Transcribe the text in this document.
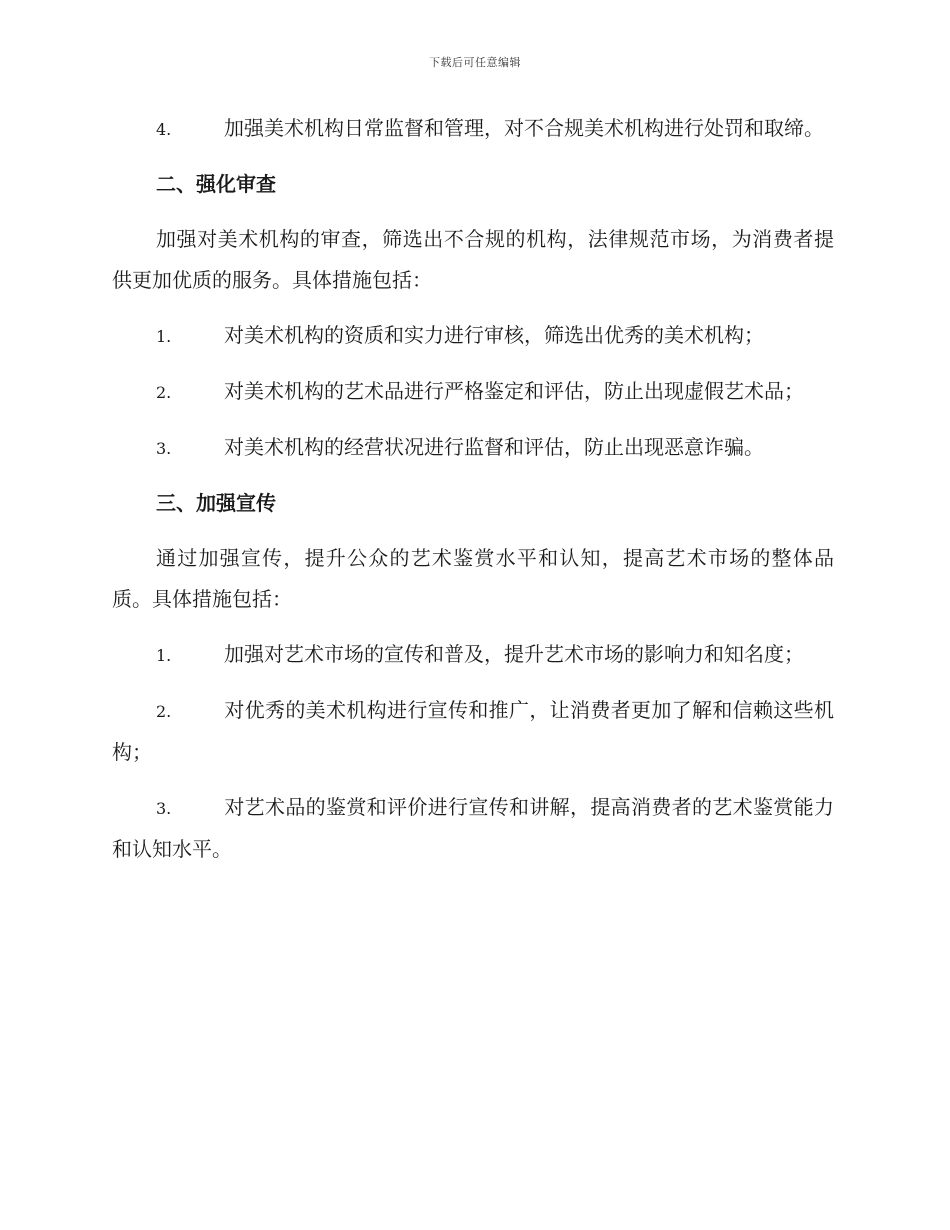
下载后可任意编辑

4.	加强美术机构日常监督和管理，对不合规美术机构进行处罚和取缔。

二、强化审查

加强对美术机构的审查，筛选出不合规的机构，法律规范市场，为消费者提供更加优质的服务。具体措施包括：

1.	对美术机构的资质和实力进行审核，筛选出优秀的美术机构；

2.	对美术机构的艺术品进行严格鉴定和评估，防止出现虚假艺术品；

3.	对美术机构的经营状况进行监督和评估，防止出现恶意诈骗。

三、加强宣传

通过加强宣传，提升公众的艺术鉴赏水平和认知，提高艺术市场的整体品质。具体措施包括：

1.	加强对艺术市场的宣传和普及，提升艺术市场的影响力和知名度；

2.	对优秀的美术机构进行宣传和推广，让消费者更加了解和信赖这些机构；

3.	对艺术品的鉴赏和评价进行宣传和讲解，提高消费者的艺术鉴赏能力和认知水平。
